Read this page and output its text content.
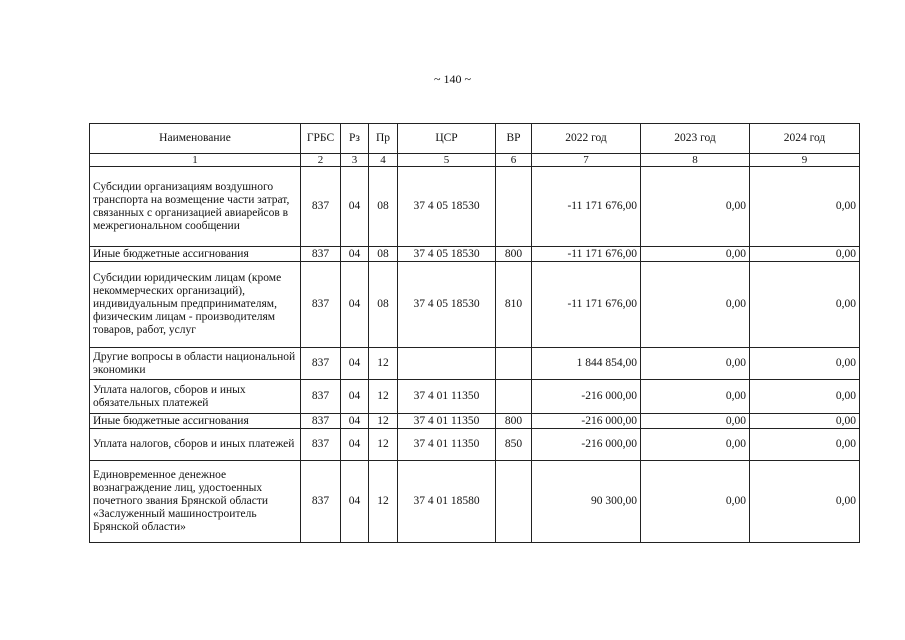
~ 140 ~
Наименование	ГРБС	Рз	Пр	ЦСР	ВР	2022 год	2023 год	2024 год
1	2	3	4	5	6	7	8	9
Субсидии организациям воздушного транспорта на возмещение части затрат, связанных с организацией авиарейсов в межрегиональном сообщении	837	04	08	37 4 05 18530		-11 171 676,00	0,00	0,00
Иные бюджетные ассигнования	837	04	08	37 4 05 18530	800	-11 171 676,00	0,00	0,00
Субсидии юридическим лицам (кроме некоммерческих организаций), индивидуальным предпринимателям, физическим лицам - производителям товаров, работ, услуг	837	04	08	37 4 05 18530	810	-11 171 676,00	0,00	0,00
Другие вопросы в области национальной экономики	837	04	12			1 844 854,00	0,00	0,00
Уплата налогов, сборов и иных обязательных платежей	837	04	12	37 4 01 11350		-216 000,00	0,00	0,00
Иные бюджетные ассигнования	837	04	12	37 4 01 11350	800	-216 000,00	0,00	0,00
Уплата налогов, сборов и иных платежей	837	04	12	37 4 01 11350	850	-216 000,00	0,00	0,00
Единовременное денежное вознаграждение лиц, удостоенных почетного звания Брянской области «Заслуженный машиностроитель Брянской области»	837	04	12	37 4 01 18580		90 300,00	0,00	0,00
